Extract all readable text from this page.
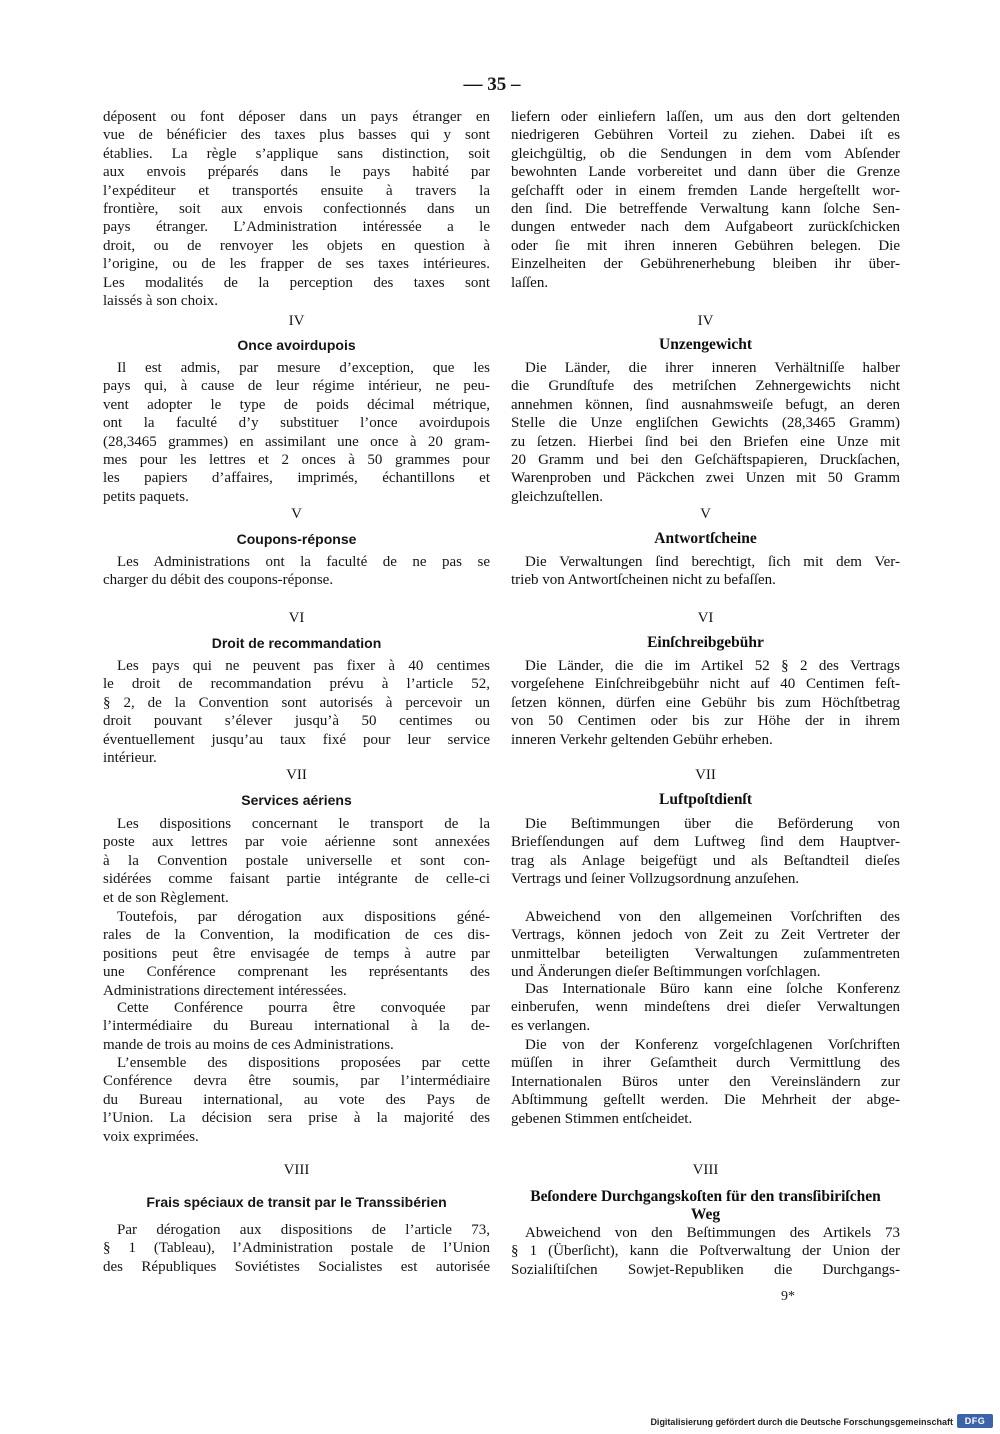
— 35 –
déposent ou font déposer dans un pays étranger en
vue de bénéficier des taxes plus basses qui y sont
établies. La règle s’applique sans distinction, soit
aux envois préparés dans le pays habité par
l’expéditeur et transportés ensuite à travers la
frontière, soit aux envois confectionnés dans un
pays étranger. L’Administration intéressée a le
droit, ou de renvoyer les objets en question à
l’origine, ou de les frapper de ses taxes intérieures.
Les modalités de la perception des taxes sont
laissés à son choix.
IV
Once avoirdupois
Il est admis, par mesure d’exception, que les
pays qui, à cause de leur régime intérieur, ne peu-
vent adopter le type de poids décimal métrique,
ont la faculté d’y substituer l’once avoirdupois
(28,3465 grammes) en assimilant une once à 20 gram-
mes pour les lettres et 2 onces à 50 grammes pour
les papiers d’affaires, imprimés, échantillons et
petits paquets.
V
Coupons-réponse
Les Administrations ont la faculté de ne pas se
charger du débit des coupons-réponse.
VI
Droit de recommandation
Les pays qui ne peuvent pas fixer à 40 centimes
le droit de recommandation prévu à l’article 52,
§ 2, de la Convention sont autorisés à percevoir un
droit pouvant s’élever jusqu’à 50 centimes ou
éventuellement jusqu’au taux fixé pour leur service
intérieur.
VII
Services aériens
Les dispositions concernant le transport de la
poste aux lettres par voie aérienne sont annexées
à la Convention postale universelle et sont con-
sidérées comme faisant partie intégrante de celle-ci
et de son Règlement.
Toutefois, par dérogation aux dispositions géné-
rales de la Convention, la modification de ces dis-
positions peut être envisagée de temps à autre par
une Conférence comprenant les représentants des
Administrations directement intéressées.
Cette Conférence pourra être convoquée par
l’intermédiaire du Bureau international à la de-
mande de trois au moins de ces Administrations.
L’ensemble des dispositions proposées par cette
Conférence devra être soumis, par l’intermédiaire
du Bureau international, au vote des Pays de
l’Union. La décision sera prise à la majorité des
voix exprimées.
VIII
Frais spéciaux de transit par le Transsibérien
Par dérogation aux dispositions de l’article 73,
§ 1 (Tableau), l’Administration postale de l’Union
des Républiques Soviétistes Socialistes est autorisée
liefern oder einliefern laſſen, um aus den dort geltenden
niedrigeren Gebühren Vorteil zu ziehen. Dabei iſt es
gleichgültig, ob die Sendungen in dem vom Abſender
bewohnten Lande vorbereitet und dann über die Grenze
geſchafft oder in einem fremden Lande hergeſtellt wor-
den ſind. Die betreffende Verwaltung kann ſolche Sen-
dungen entweder nach dem Aufgabeort zurückſchicken
oder ſie mit ihren inneren Gebühren belegen. Die
Einzelheiten der Gebührenerhebung bleiben ihr über-
laſſen.
IV
Unzengewicht
Die Länder, die ihrer inneren Verhältniſſe halber
die Grundſtufe des metriſchen Zehnergewichts nicht
annehmen können, ſind ausnahmsweiſe befugt, an deren
Stelle die Unze engliſchen Gewichts (28,3465 Gramm)
zu ſetzen. Hierbei ſind bei den Briefen eine Unze mit
20 Gramm und bei den Geſchäftspapieren, Druckſachen,
Warenproben und Päckchen zwei Unzen mit 50 Gramm
gleichzuſtellen.
V
Antwortſcheine
Die Verwaltungen ſind berechtigt, ſich mit dem Ver-
trieb von Antwortſcheinen nicht zu befaſſen.
VI
Einſchreibgebühr
Die Länder, die die im Artikel 52 § 2 des Vertrags
vorgeſehene Einſchreibgebühr nicht auf 40 Centimen feſt-
ſetzen können, dürfen eine Gebühr bis zum Höchſtbetrag
von 50 Centimen oder bis zur Höhe der in ihrem
inneren Verkehr geltenden Gebühr erheben.
VII
Luftpoſtdienſt
Die Beſtimmungen über die Beförderung von
Briefſendungen auf dem Luftweg ſind dem Hauptver-
trag als Anlage beigefügt und als Beſtandteil dieſes
Vertrags und ſeiner Vollzugsordnung anzuſehen.
Abweichend von den allgemeinen Vorſchriften des
Vertrags, können jedoch von Zeit zu Zeit Vertreter der
unmittelbar beteiligten Verwaltungen zuſammentreten
und Änderungen dieſer Beſtimmungen vorſchlagen.
Das Internationale Büro kann eine ſolche Konferenz
einberufen, wenn mindeſtens drei dieſer Verwaltungen
es verlangen.
Die von der Konferenz vorgeſchlagenen Vorſchriften
müſſen in ihrer Geſamtheit durch Vermittlung des
Internationalen Büros unter den Vereinsländern zur
Abſtimmung geſtellt werden. Die Mehrheit der abge-
gebenen Stimmen entſcheidet.
VIII
Beſondere Durchgangskoſten für den transſibiriſchen
Weg
Abweichend von den Beſtimmungen des Artikels 73
§ 1 (Überſicht), kann die Poſtverwaltung der Union der
Sozialiſtiſchen Sowjet-Republiken die Durchgangs-
9*
Digitalisierung gefördert durch die Deutsche Forschungsgemeinschaft	DFG
